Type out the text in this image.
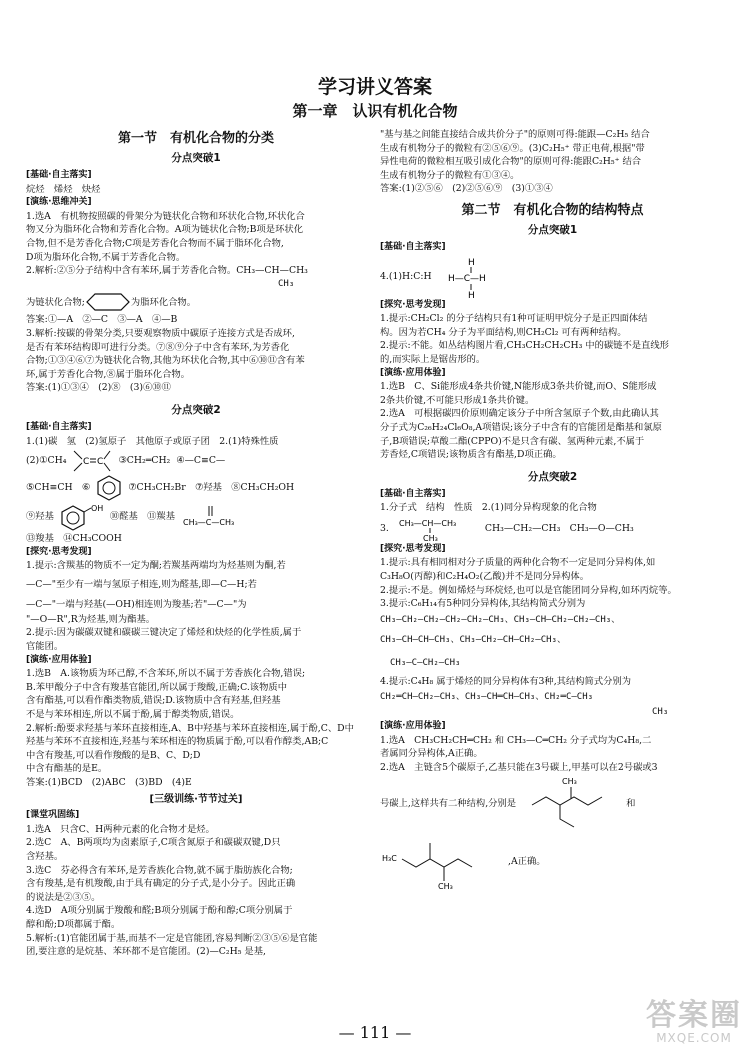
学习讲义答案
第一章　认识有机化合物
第一节　有机化合物的分类
分点突破1
[基础·自主落实]
烷烃　烯烃　炔烃
[演练·思维冲关]
1.选A　有机物按照碳的骨架分为链状化合物和环状化合物,环状化合
物又分为脂环化合物和芳香化合物。A项为链状化合物;B项是环状化
合物,但不是芳香化合物;C项是芳香化合物而不属于脂环化合物,
D项为脂环化合物,不属于芳香化合物。
2.解析:②⑤分子结构中含有苯环,属于芳香化合物。CH₃—CH—CH₃
CH₃
为链状化合物;	为脂环化合物。
答案:①—A　②—C　③—A　④—B
3.解析:按碳的骨架分类,只要观察物质中碳原子连接方式是否成环,
是否有苯环结构即可进行分类。⑦⑧⑨分子中含有苯环,为芳香化
合物;①③④⑥⑦为链状化合物,其他为环状化合物,其中⑥⑩⑪含有苯
环,属于芳香化合物,⑧属于脂环化合物。
答案:(1)①③④　(2)⑧　(3)⑥⑩⑪
分点突破2
[基础·自主落实]
1.(1)碳　氢　(2)氢原子　其他原子或原子团　2.(1)特殊性质
(2)①CH₄ C C ③CH₂═CH₂ ④—C≡C—
⑤CH≡CH　⑥	⑦CH₃CH₂Br　⑦羟基　⑧CH₃CH₂OH
⑨羟基
OH
⑩醛基　⑪羰基
CH₃—C—CH₃
⑬羧基　⑭CH₃COOH
[探究·思考发现]
1.提示:含羰基的物质不一定为酮;若羰基两端均为烃基则为酮,若
—C—"至少有一端与氢原子相连,则为醛基,即—C—H;若
—C—"一端与羟基(—OH)相连则为羧基;若"—C—"为
"—O—R",R为烃基,则为酯基。
2.提示:因为碳碳双键和碳碳三键决定了烯烃和炔烃的化学性质,属于
官能团。
[演练·应用体验]
1.选B　A.该物质为环己醇,不含苯环,所以不属于芳香族化合物,错误;
B.苯甲酸分子中含有羧基官能团,所以属于羧酸,正确;C.该物质中
含有酯基,可以看作酯类物质,错误;D.该物质中含有羟基,但羟基
不是与苯环相连,所以不属于酚,属于醇类物质,错误。
2.解析:酚要求羟基与苯环直接相连,A、B中羟基与苯环直接相连,属于酚,C、D中
羟基与苯环不直接相连,羟基与苯环相连的物质属于酚,可以看作醇类,AB;C
中含有羧基,可以看作羧酸的是B、C、D;D
中含有酯基的是E。
答案:(1)BCD　(2)ABC　(3)BD　(4)E
[三级训练·节节过关]
[课堂巩固练]
1.选A　只含C、H两种元素的化合物才是烃。
2.选C　A、B两项均为卤素原子,C项含氮原子和碳碳双键,D只
含羟基。
3.选C　芬必得含有苯环,是芳香族化合物,就不属于脂肪族化合物;
含有羧基,是有机羧酸,由于具有确定的分子式,是小分子。因此正确
的说法是②③⑤。
4.选D　A项分别属于羧酸和醛;B项分别属于酚和醇;C项分别属于
醇和酚;D项都属于酯。
5.解析:(1)官能团属于基,而基不一定是官能团,容易判断②③⑤⑥是官能
团,要注意的是烷基、苯环都不是官能团。(2)—C₂H₅ 是基,
"基与基之间能直接结合成共价分子"的原则可得:能跟—C₂H₅ 结合
生成有机物分子的微粒有②⑤⑥⑨。(3)C₂H₅⁺ 带正电荷,根据"带
异性电荷的微粒相互吸引成化合物"的原则可得:能跟C₂H₅⁺ 结合
生成有机物分子的微粒有①③④。
答案:(1)②⑤⑥　(2)②⑤⑥⑨　(3)①③④
第二节　有机化合物的结构特点
分点突破1
[基础·自主落实]
4.(1)H:C:H
H
H—C—H
H
[探究·思考发现]
1.提示:CH₂Cl₂ 的分子结构只有1种可证明甲烷分子是正四面体结
构。因为若CH₄ 分子为平面结构,则CH₂Cl₂ 可有两种结构。
2.提示:不能。如丛结构图片看,CH₃CH₂CH₂CH₃ 中的碳链不是直线形
的,而实际上是锯齿形的。
[演练·应用体验]
1.选B　C、Si能形成4条共价键,N能形成3条共价键,而O、S能形成
2条共价键,不可能只形成1条共价键。
2.选A　可根据碳四价原则确定该分子中所含氢原子个数,由此确认其
分子式为C₂₆H₂₄Cl₆O₈,A项错误;该分子中含有的官能团是酯基和氯原
子,B项错误;草酸二酯(CPPO)不是只含有碳、氢两种元素,不属于
芳香烃,C项错误;该物质含有酯基,D项正确。
分点突破2
[基础·自主落实]
1.分子式　结构　性质　2.(1)同分异构现象的化合物
3. CH₃—CH—CH₃
CH₃
CH₃—CH₂—CH₃　CH₃—O—CH₃
[探究·思考发现]
1.提示:具有相同相对分子质量的两种化合物不一定是同分异构体,如
C₃H₈O(丙醇)和C₂H₄O₂(乙酸)并不是同分异构体。
2.提示:不是。例如烯烃与环烷烃,也可以是官能团同分异构,如环丙烷等。
3.提示:C₆H₁₄有5种同分异构体,其结构简式分别为
CH₃—CH₂—CH₂—CH₂—CH₂—CH₃、CH₃—CH—CH₂—CH₂—CH₃、
CH₃—CH—CH—CH₃、CH₃—CH₂—CH—CH₂—CH₃、
CH₃—C—CH₂—CH₃
4.提示:C₄H₈ 属于烯烃的同分异构体有3种,其结构简式分别为
CH₂═CH—CH₂—CH₃、CH₃—CH═CH—CH₃、CH₂═C—CH₃
CH₃
[演练·应用体验]
1.选A　CH₃CH₂CH═CH₂ 和 CH₃—C═CH₂ 分子式均为C₄H₈,二
者属同分异构体,A正确。
2.选A　主链含5个碳原子,乙基只能在3号碳上,甲基可以在2号碳或3
号碳上,这样共有二种结构,分别是
CH₃
和
H₃C
CH₃
,A正确。
— 111 —	答案圈
MXQE.COM
